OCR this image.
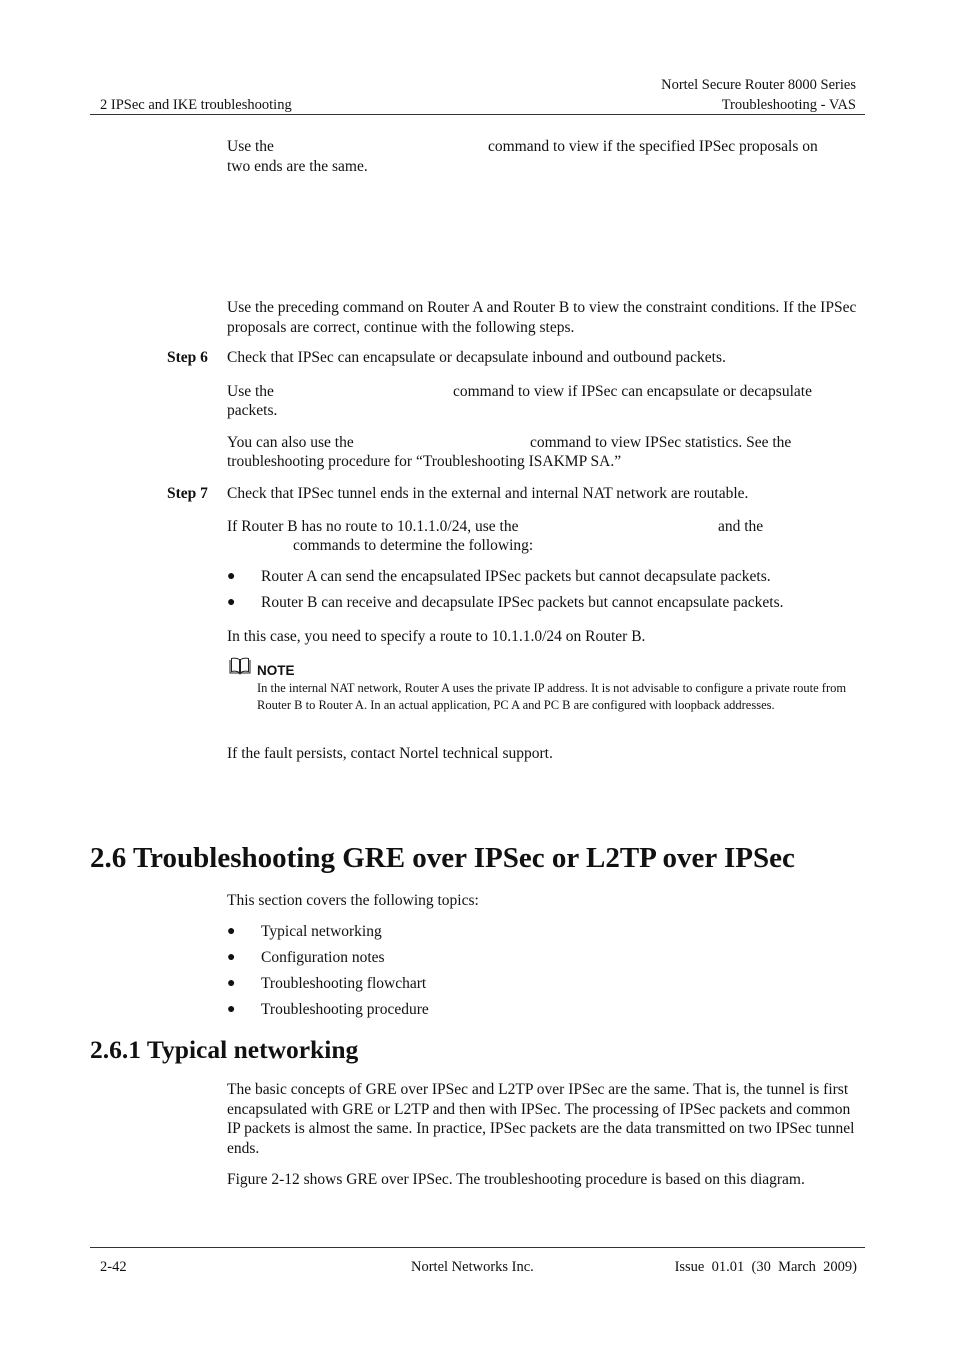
Nortel Secure Router 8000 Series
2 IPSec and IKE troubleshooting	Troubleshooting - VAS
Use the	command to view if the specified IPSec proposals on
two ends are the same.
Use the preceding command on Router A and Router B to view the constraint conditions. If the IPSec proposals are correct, continue with the following steps.
Step 6 Check that IPSec can encapsulate or decapsulate inbound and outbound packets.
Use the	command to view if IPSec can encapsulate or decapsulate
packets.
You can also use the	command to view IPSec statistics. See the
troubleshooting procedure for “Troubleshooting ISAKMP SA.”
Step 7 Check that IPSec tunnel ends in the external and internal NAT network are routable.
If Router B has no route to 10.1.1.0/24, use the	and the
commands to determine the following:
● Router A can send the encapsulated IPSec packets but cannot decapsulate packets.
● Router B can receive and decapsulate IPSec packets but cannot encapsulate packets.
In this case, you need to specify a route to 10.1.1.0/24 on Router B.
NOTE
In the internal NAT network, Router A uses the private IP address. It is not advisable to configure a private route from Router B to Router A. In an actual application, PC A and PC B are configured with loopback addresses.
If the fault persists, contact Nortel technical support.
2.6 Troubleshooting GRE over IPSec or L2TP over IPSec
This section covers the following topics:
● Typical networking
● Configuration notes
● Troubleshooting flowchart
● Troubleshooting procedure
2.6.1 Typical networking
The basic concepts of GRE over IPSec and L2TP over IPSec are the same. That is, the tunnel is first encapsulated with GRE or L2TP and then with IPSec. The processing of IPSec packets and common IP packets is almost the same. In practice, IPSec packets are the data transmitted on two IPSec tunnel ends.
Figure 2-12 shows GRE over IPSec. The troubleshooting procedure is based on this diagram.
2-42	Nortel Networks Inc.	Issue  01.01  (30  March  2009)
